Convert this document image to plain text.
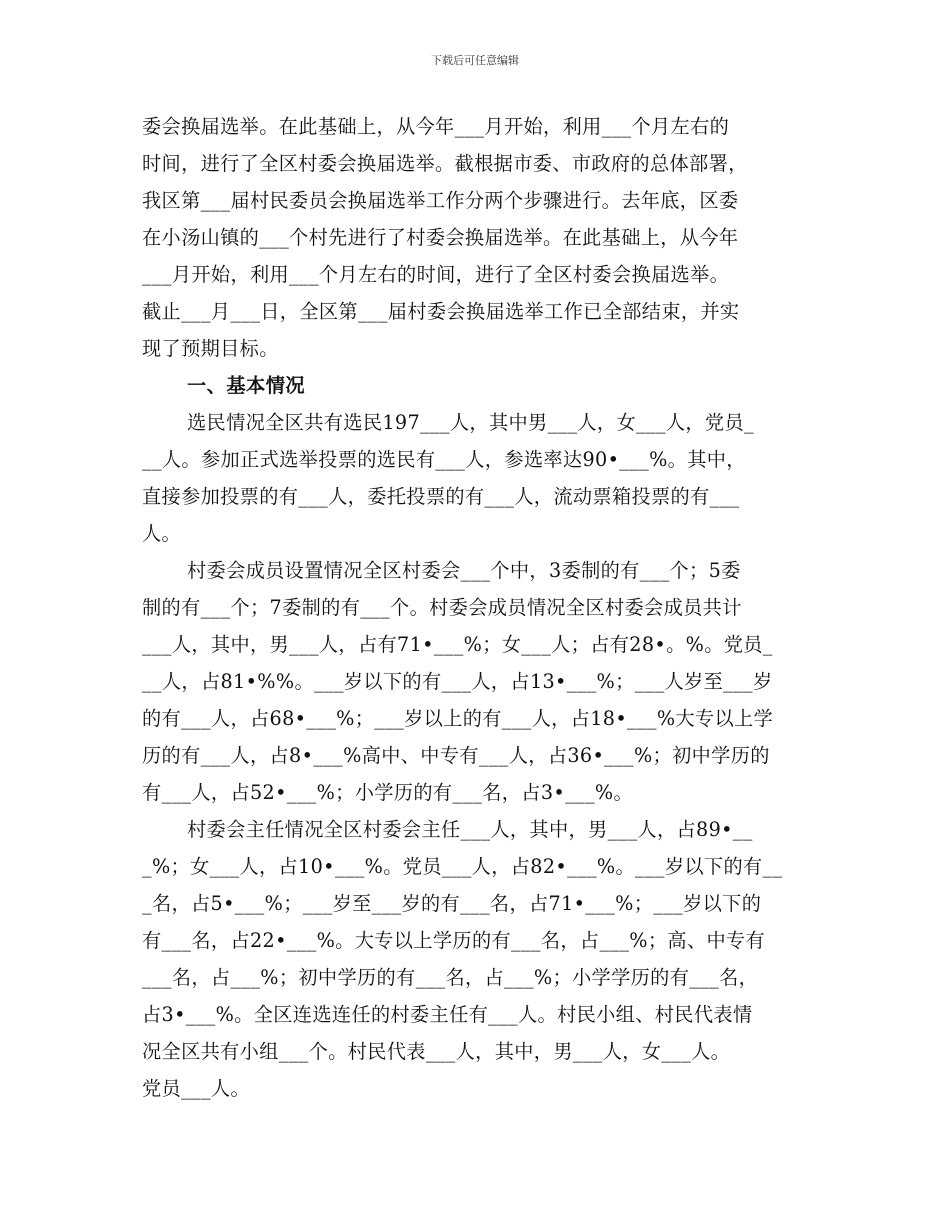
下载后可任意编辑
委会换届选举。在此基础上，从今年___月开始，利用___个月左右的
时间，进行了全区村委会换届选举。截根据市委、市政府的总体部署，
我区第___届村民委员会换届选举工作分两个步骤进行。去年底，区委
在小汤山镇的___个村先进行了村委会换届选举。在此基础上，从今年
___月开始，利用___个月左右的时间，进行了全区村委会换届选举。
截止___月___日，全区第___届村委会换届选举工作已全部结束，并实
现了预期目标。
一、基本情况
选民情况全区共有选民197___人，其中男___人，女___人，党员_
__人。参加正式选举投票的选民有___人，参选率达90•___%。其中，
直接参加投票的有___人，委托投票的有___人，流动票箱投票的有___
人。
村委会成员设置情况全区村委会___个中，3委制的有___个；5委
制的有___个；7委制的有___个。村委会成员情况全区村委会成员共计
___人，其中，男___人，占有71•___%；女___人；占有28•。%。党员_
__人，占81•%%。___岁以下的有___人，占13•___%；___人岁至___岁
的有___人，占68•___%；___岁以上的有___人，占18•___%大专以上学
历的有___人，占8•___%高中、中专有___人，占36•___%；初中学历的
有___人，占52•___%；小学历的有___名，占3•___%。
村委会主任情况全区村委会主任___人，其中，男___人，占89•__
_%；女___人，占10•___%。党员___人，占82•___%。___岁以下的有__
_名，占5•___%；___岁至___岁的有___名，占71•___%；___岁以下的
有___名，占22•___%。大专以上学历的有___名，占___%；高、中专有
___名，占___%；初中学历的有___名，占___%；小学学历的有___名，
占3•___%。全区连选连任的村委主任有___人。村民小组、村民代表情
况全区共有小组___个。村民代表___人，其中，男___人，女___人。
党员___人。
